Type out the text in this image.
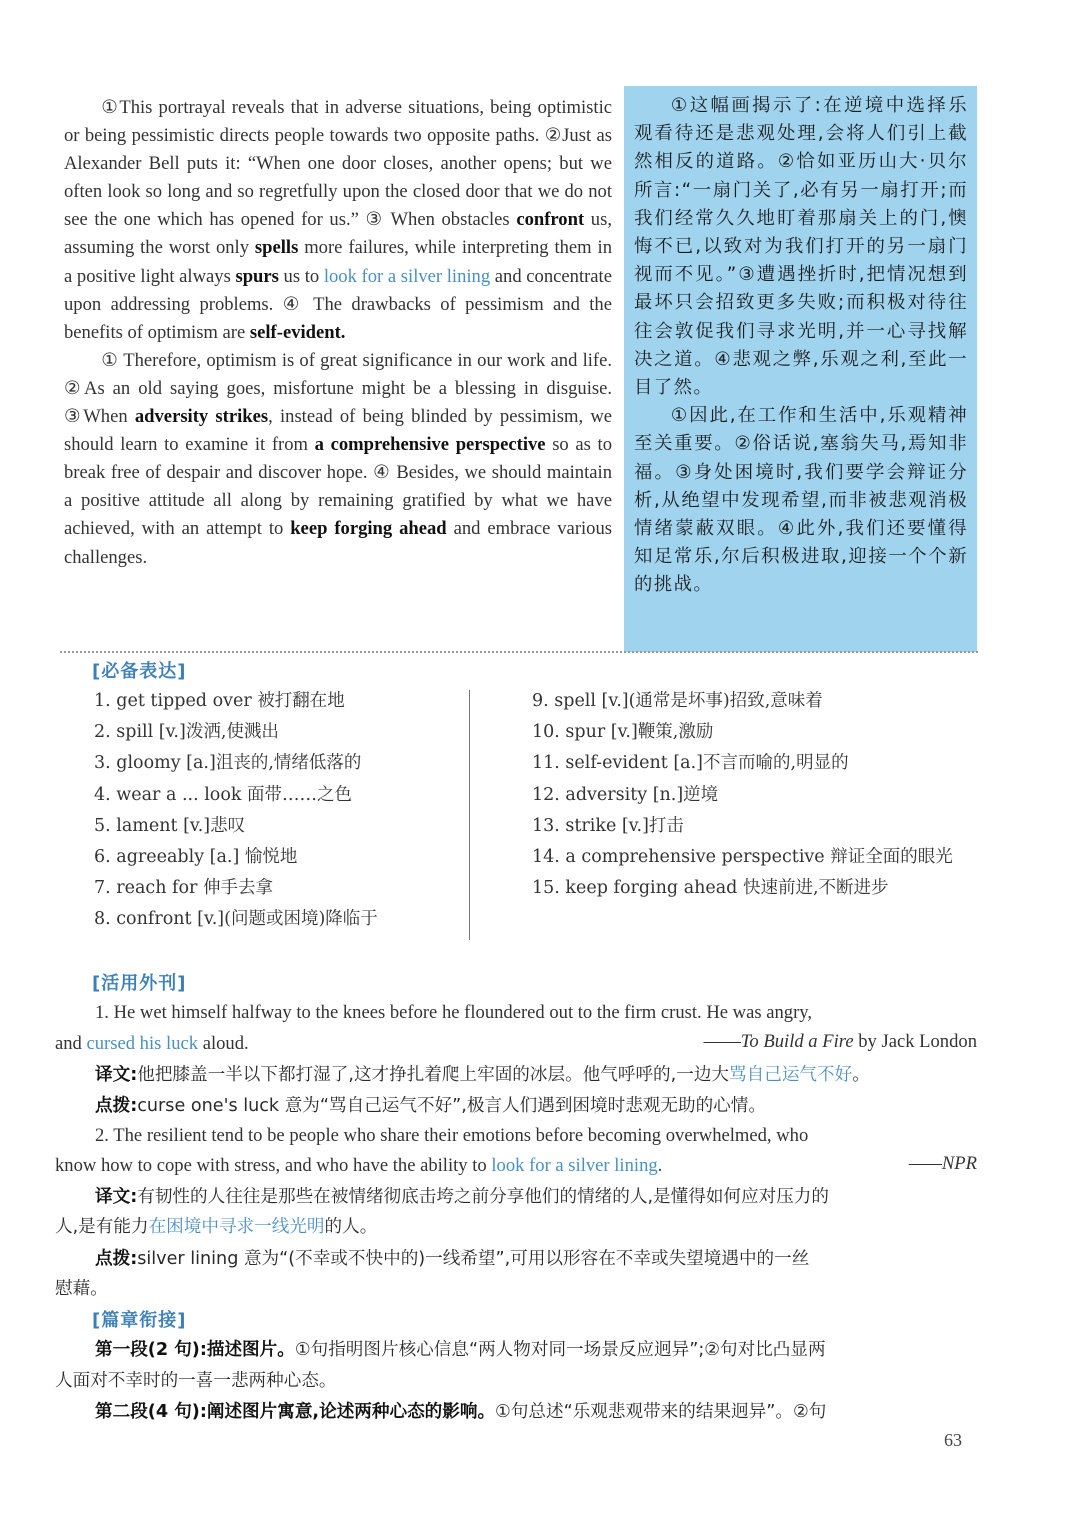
①This portrayal reveals that in adverse situations, being optimistic or being pessimistic directs people towards two opposite paths. ②Just as Alexander Bell puts it: “When one door closes, another opens; but we often look so long and so regretfully upon the closed door that we do not see the one which has opened for us.” ③ When obstacles confront us, assuming the worst only spells more failures, while interpreting them in a positive light always spurs us to look for a silver lining and concentrate upon addressing problems. ④ The drawbacks of pessimism and the benefits of optimism are self-evident.

① Therefore, optimism is of great significance in our work and life. ②As an old saying goes, misfortune might be a blessing in disguise. ③When adversity strikes, instead of being blinded by pessimism, we should learn to examine it from a comprehensive perspective so as to break free of despair and discover hope. ④ Besides, we should maintain a positive attitude all along by remaining gratified by what we have achieved, with an attempt to keep forging ahead and embrace various challenges.

①这幅画揭示了:在逆境中选择乐观看待还是悲观处理,会将人们引上截然相反的道路。②恰如亚历山大·贝尔所言:“一扇门关了,必有另一扇打开;而我们经常久久地盯着那扇关上的门,懊悔不已,以致对为我们打开的另一扇门视而不见。”③遭遇挫折时,把情况想到最坏只会招致更多失败;而积极对待往往会敦促我们寻求光明,并一心寻找解决之道。④悲观之弊,乐观之利,至此一目了然。

①因此,在工作和生活中,乐观精神至关重要。②俗话说,塞翁失马,焉知非福。③身处困境时,我们要学会辩证分析,从绝望中发现希望,而非被悲观消极情绪蒙蔽双眼。④此外,我们还要懂得知足常乐,尔后积极进取,迎接一个个新的挑战。

[必备表达]
1. get tipped over 被打翻在地
2. spill [v.]泼洒,使溅出
3. gloomy [a.]沮丧的,情绪低落的
4. wear a ... look 面带……之色
5. lament [v.]悲叹
6. agreeably [a.] 愉悦地
7. reach for 伸手去拿
8. confront [v.](问题或困境)降临于
9. spell [v.](通常是坏事)招致,意味着
10. spur [v.]鞭策,激励
11. self-evident [a.]不言而喻的,明显的
12. adversity [n.]逆境
13. strike [v.]打击
14. a comprehensive perspective 辩证全面的眼光
15. keep forging ahead 快速前进,不断进步
[活用外刊]
1. He wet himself halfway to the knees before he floundered out to the firm crust. He was angry,
and cursed his luck aloud.	——To Build a Fire by Jack London
译文:他把膝盖一半以下都打湿了,这才挣扎着爬上牢固的冰层。他气呼呼的,一边大骂自己运气不好。
点拨:curse one's luck 意为“骂自己运气不好”,极言人们遇到困境时悲观无助的心情。
2. The resilient tend to be people who share their emotions before becoming overwhelmed, who
know how to cope with stress, and who have the ability to look for a silver lining.	——NPR
译文:有韧性的人往往是那些在被情绪彻底击垮之前分享他们的情绪的人,是懂得如何应对压力的
人,是有能力在困境中寻求一线光明的人。
点拨:silver lining 意为“(不幸或不快中的)一线希望”,可用以形容在不幸或失望境遇中的一丝
慰藉。
[篇章衔接]
第一段(2 句):描述图片。①句指明图片核心信息“两人物对同一场景反应迥异”;②句对比凸显两
人面对不幸时的一喜一悲两种心态。
第二段(4 句):阐述图片寓意,论述两种心态的影响。①句总述“乐观悲观带来的结果迥异”。②句
63
